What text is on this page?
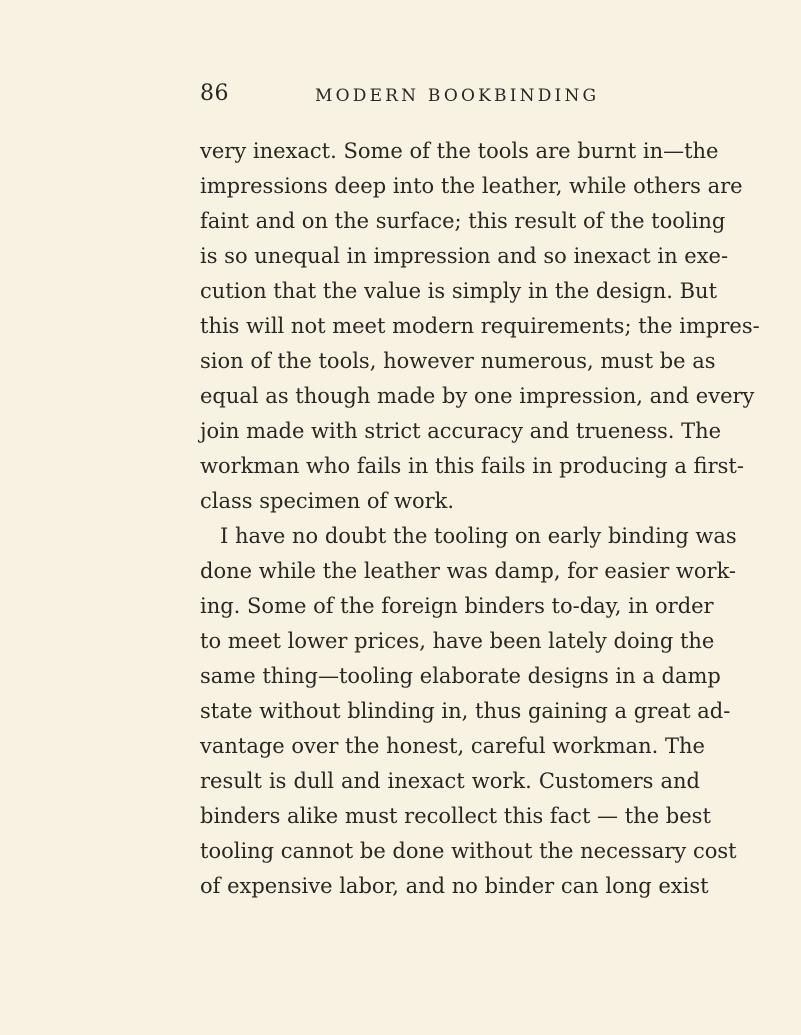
86	MODERN BOOKBINDING
very inexact. Some of the tools are burnt in—the
impressions deep into the leather, while others are
faint and on the surface; this result of the tooling
is so unequal in impression and so inexact in exe-
cution that the value is simply in the design. But
this will not meet modern requirements; the impres-
sion of the tools, however numerous, must be as
equal as though made by one impression, and every
join made with strict accuracy and trueness. The
workman who fails in this fails in producing a first-
class specimen of work.
I have no doubt the tooling on early binding was
done while the leather was damp, for easier work-
ing. Some of the foreign binders to-day, in order
to meet lower prices, have been lately doing the
same thing—tooling elaborate designs in a damp
state without blinding in, thus gaining a great ad-
vantage over the honest, careful workman. The
result is dull and inexact work. Customers and
binders alike must recollect this fact — the best
tooling cannot be done without the necessary cost
of expensive labor, and no binder can long exist
